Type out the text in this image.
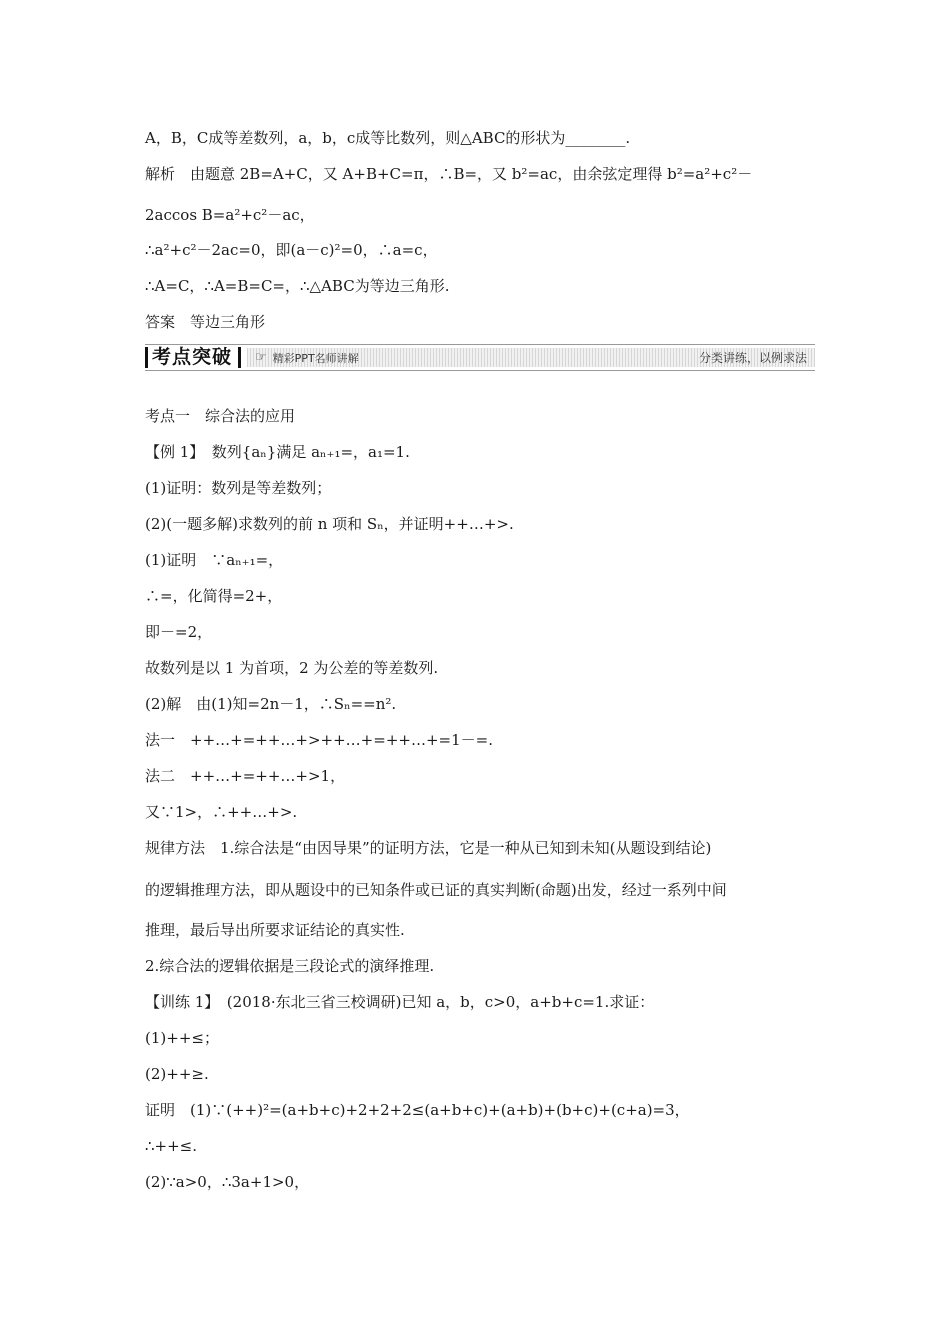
A，B，C成等差数列，a，b，c成等比数列，则△ABC的形状为________.
解析　由题意 2B=A+C，又 A+B+C=π，∴B=，又 b²=ac，由余弦定理得 b²=a²+c²－
2accos B=a²+c²－ac，
∴a²+c²－2ac=0，即(a－c)²=0，∴a=c，
∴A=C，∴A=B=C=，∴△ABC为等边三角形.
答案　等边三角形
考点突破	☞ 精彩PPT名师讲解	分类讲练，以例求法
考点一　综合法的应用
【例 1】　数列{aₙ}满足 aₙ₊₁=，a₁=1.
(1)证明：数列是等差数列；
(2)(一题多解)求数列的前 n 项和 Sₙ，并证明++…+>.
(1)证明　∵aₙ₊₁=，
∴=，化简得=2+，
即－=2，
故数列是以 1 为首项，2 为公差的等差数列.
(2)解　由(1)知=2n－1，∴Sₙ==n².
法一　++…+=++…+>++…+=++…+=1－=.
法二　++…+=++…+>1，
又∵1>，∴++…+>.
规律方法　1.综合法是“由因导果”的证明方法，它是一种从已知到未知(从题设到结论)
的逻辑推理方法，即从题设中的已知条件或已证的真实判断(命题)出发，经过一系列中间
推理，最后导出所要求证结论的真实性.
2.综合法的逻辑依据是三段论式的演绎推理.
【训练 1】　(2018·东北三省三校调研)已知 a，b，c>0，a+b+c=1.求证：
(1)++≤；
(2)++≥.
证明　(1)∵(++)²=(a+b+c)+2+2+2≤(a+b+c)+(a+b)+(b+c)+(c+a)=3，
∴++≤.
(2)∵a>0，∴3a+1>0，
